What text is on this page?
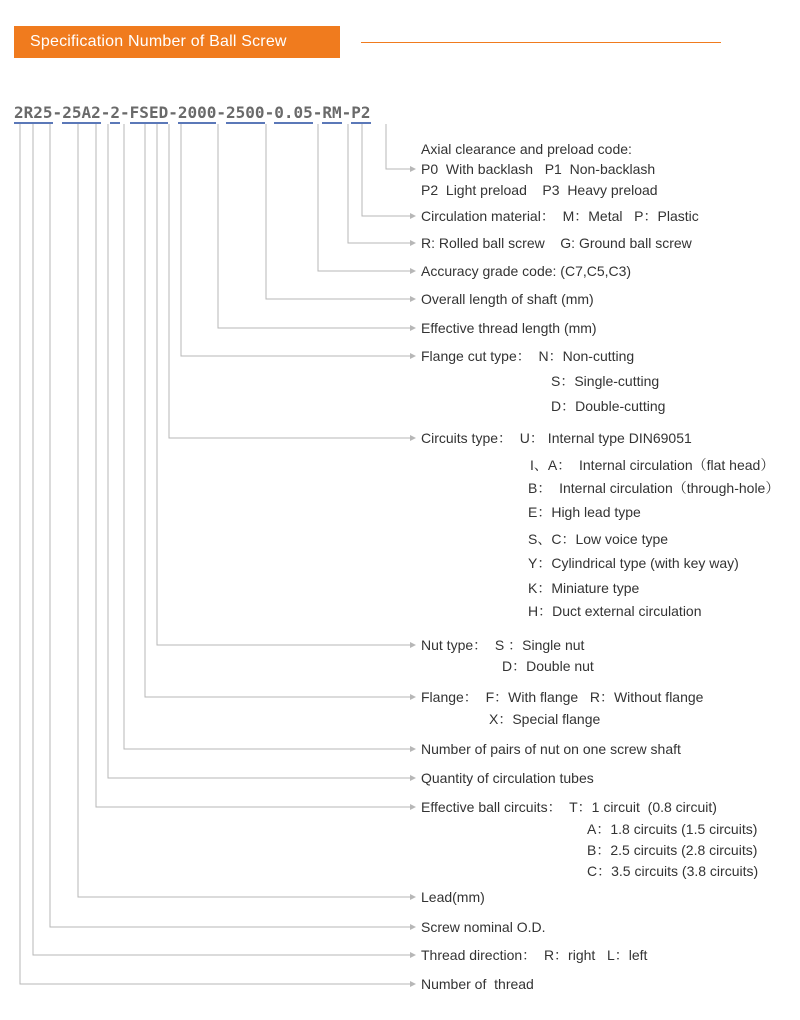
Specification Number of Ball Screw
2R25-25A2-2-FSED-2000-2500-0.05-RM-P2
Axial clearance and preload code:
P0  With backlash   P1  Non-backlash
P2  Light preload    P3  Heavy preload
Circulation material：  M：Metal   P：Plastic
R: Rolled ball screw    G: Ground ball screw
Accuracy grade code: (C7,C5,C3)
Overall length of shaft (mm)
Effective thread length (mm)
Flange cut type：  N：Non-cutting
S：Single-cutting
D：Double-cutting
Circuits type：  U： Internal type DIN69051
I、A：  Internal circulation（flat head）
B：  Internal circulation（through-hole）
E：High lead type
S、C：Low voice type
Y：Cylindrical type (with key way)
K：Miniature type
H：Duct external circulation
Nut type：  S ：Single nut
D：Double nut
Flange：  F：With flange   R：Without flange
X：Special flange
Number of pairs of nut on one screw shaft
Quantity of circulation tubes
Effective ball circuits：  T：1 circuit  (0.8 circuit)
A：1.8 circuits (1.5 circuits)
B：2.5 circuits (2.8 circuits)
C：3.5 circuits (3.8 circuits)
Lead(mm)
Screw nominal O.D.
Thread direction：  R：right   L：left
Number of  thread
